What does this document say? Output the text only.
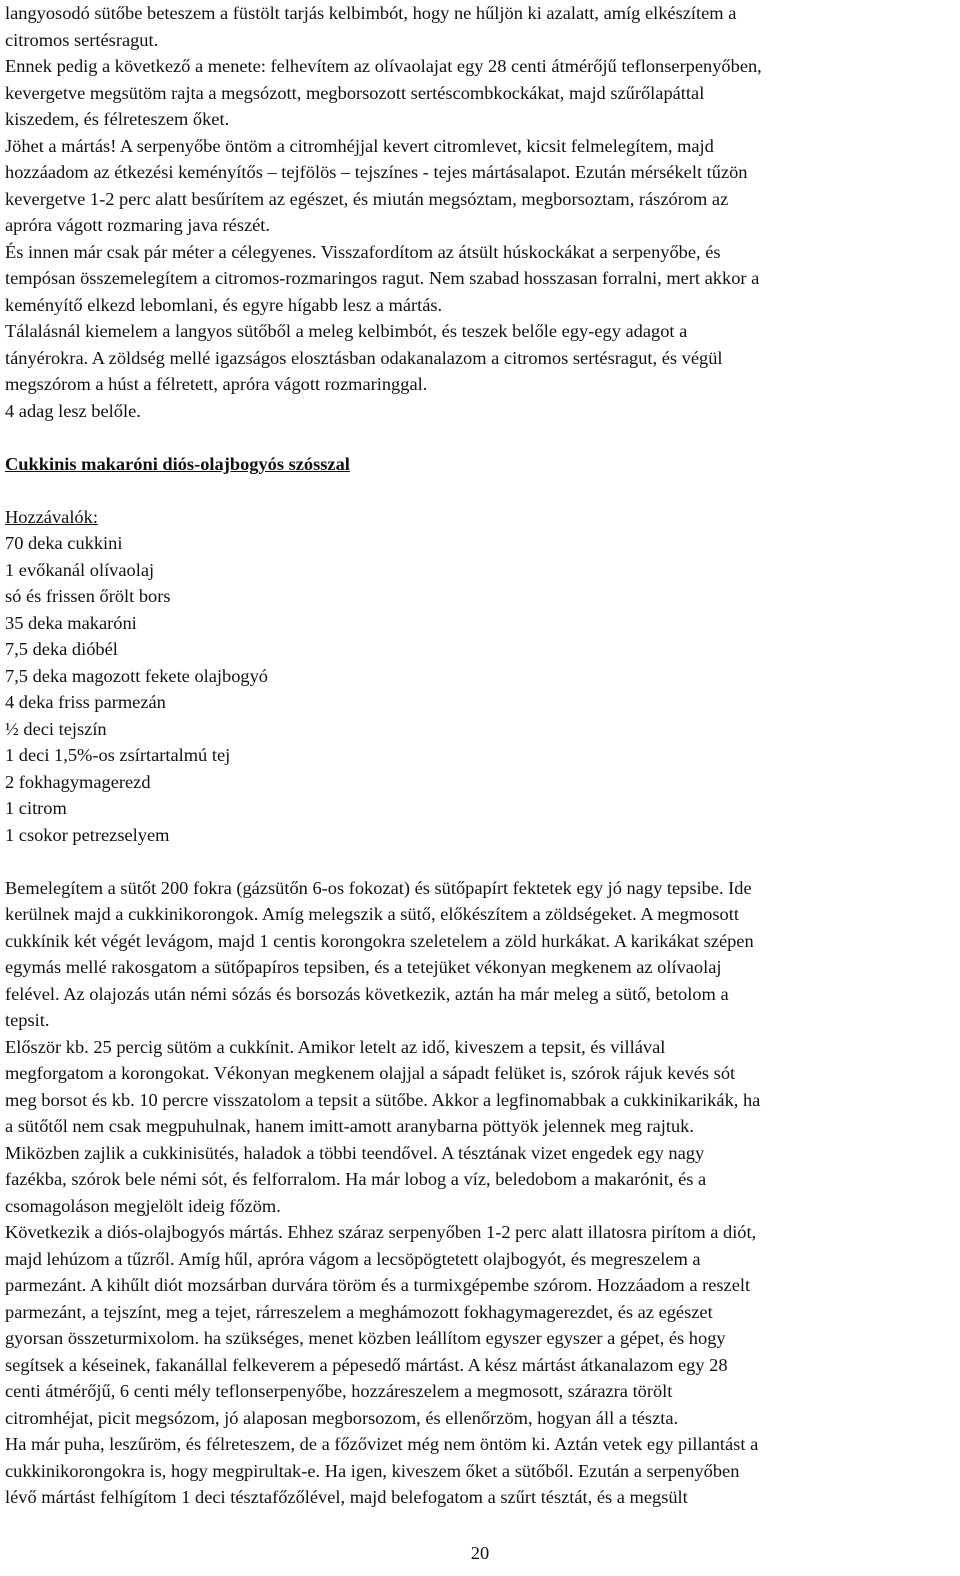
langyosodó sütőbe beteszem a füstölt tarjás kelbimbót, hogy ne hűljön ki azalatt, amíg elkészítem a
citromos sertésragut.
Ennek pedig a következő a menete: felhevítem az olívaolajat egy 28 centi átmérőjű teflonserpenyőben,
kevergetve megsütöm rajta a megsózott, megborsozott sertéscombkockákat, majd szűrőlapáttal
kiszedem, és félreteszem őket.
Jöhet a mártás! A serpenyőbe öntöm a citromhéjjal kevert citromlevet, kicsit felmelegítem, majd
hozzáadom az étkezési keményítős – tejfölös – tejszínes - tejes mártásalapot. Ezután mérsékelt tűzön
kevergetve 1-2 perc alatt besűrítem az egészet, és miután megsóztam, megborsoztam, rászórom az
apróra vágott rozmaring java részét.
És innen már csak pár méter a célegyenes. Visszafordítom az átsült húskockákat a serpenyőbe, és
tempósan összemelegítem a citromos-rozmaringos ragut. Nem szabad hosszasan forralni, mert akkor a
keményítő elkezd lebomlani, és egyre hígabb lesz a mártás.
Tálalásnál kiemelem a langyos sütőből a meleg kelbimbót, és teszek belőle egy-egy adagot a
tányérokra. A zöldség mellé igazságos elosztásban odakanalazom a citromos sertésragut, és végül
megszórom a húst a félretett, apróra vágott rozmaringgal.
4 adag lesz belőle.
Cukkinis makaróni diós-olajbogyós szósszal
Hozzávalók:
70 deka cukkini
1 evőkanál olívaolaj
só és frissen őrölt bors
35 deka makaróni
7,5 deka dióbél
7,5 deka magozott fekete olajbogyó
4 deka friss parmezán
½ deci tejszín
1 deci 1,5%-os zsírtartalmú tej
2 fokhagymagerezd
1 citrom
1 csokor petrezselyem
Bemelegítem a sütőt 200 fokra (gázsütőn 6-os fokozat) és sütőpapírt fektetek egy jó nagy tepsibe. Ide
kerülnek majd a cukkinikorongok. Amíg melegszik a sütő, előkészítem a zöldségeket. A megmosott
cukkínik két végét levágom, majd 1 centis korongokra szeletelem a zöld hurkákat. A karikákat szépen
egymás mellé rakosgatom a sütőpapíros tepsiben, és a tetejüket vékonyan megkenem az olívaolaj
felével. Az olajozás után némi sózás és borsozás következik, aztán ha már meleg a sütő, betolom a
tepsit.
Először kb. 25 percig sütöm a cukkínit. Amikor letelt az idő, kiveszem a tepsit, és villával
megforgatom a korongokat. Vékonyan megkenem olajjal a sápadt felüket is, szórok rájuk kevés sót
meg borsot és kb. 10 percre visszatolom a tepsit a sütőbe. Akkor a legfinomabbak a cukkinikarikák, ha
a sütőtől nem csak megpuhulnak, hanem imitt-amott aranybarna pöttyök jelennek meg rajtuk.
Miközben zajlik a cukkinisütés, haladok a többi teendővel. A tésztának vizet engedek egy nagy
fazékba, szórok bele némi sót, és felforralom. Ha már lobog a víz, beledobom a makarónit, és a
csomagoláson megjelölt ideig főzöm.
Következik a diós-olajbogyós mártás. Ehhez száraz serpenyőben 1-2 perc alatt illatosra pirítom a diót,
majd lehúzom a tűzről. Amíg hűl, apróra vágom a lecsöpögtetett olajbogyót, és megreszelem a
parmezánt. A kihűlt diót mozsárban durvára töröm és a turmixgépembe szórom. Hozzáadom a reszelt
parmezánt, a tejszínt, meg a tejet, rárreszelem a meghámozott fokhagymagerezdet, és az egészet
gyorsan összeturmixolom. ha szükséges, menet közben leállítom egyszer egyszer a gépet, és hogy
segítsek a késeinek, fakanállal felkeverem a pépesedő mártást. A kész mártást átkanalazom egy 28
centi átmérőjű, 6 centi mély teflonserpenyőbe, hozzáreszelem a megmosott, szárazra törölt
citromhéjat, picit megsózom, jó alaposan megborsozom, és ellenőrzöm, hogyan áll a tészta.
Ha már puha, leszűröm, és félreteszem, de a főzővizet még nem öntöm ki. Aztán vetek egy pillantást a
cukkinikorongokra is, hogy megpirultak-e. Ha igen, kiveszem őket a sütőből. Ezután a serpenyőben
lévő mártást felhígítom 1 deci tésztafőzőlével, majd belefogatom a szűrt tésztát, és a megsült
20
